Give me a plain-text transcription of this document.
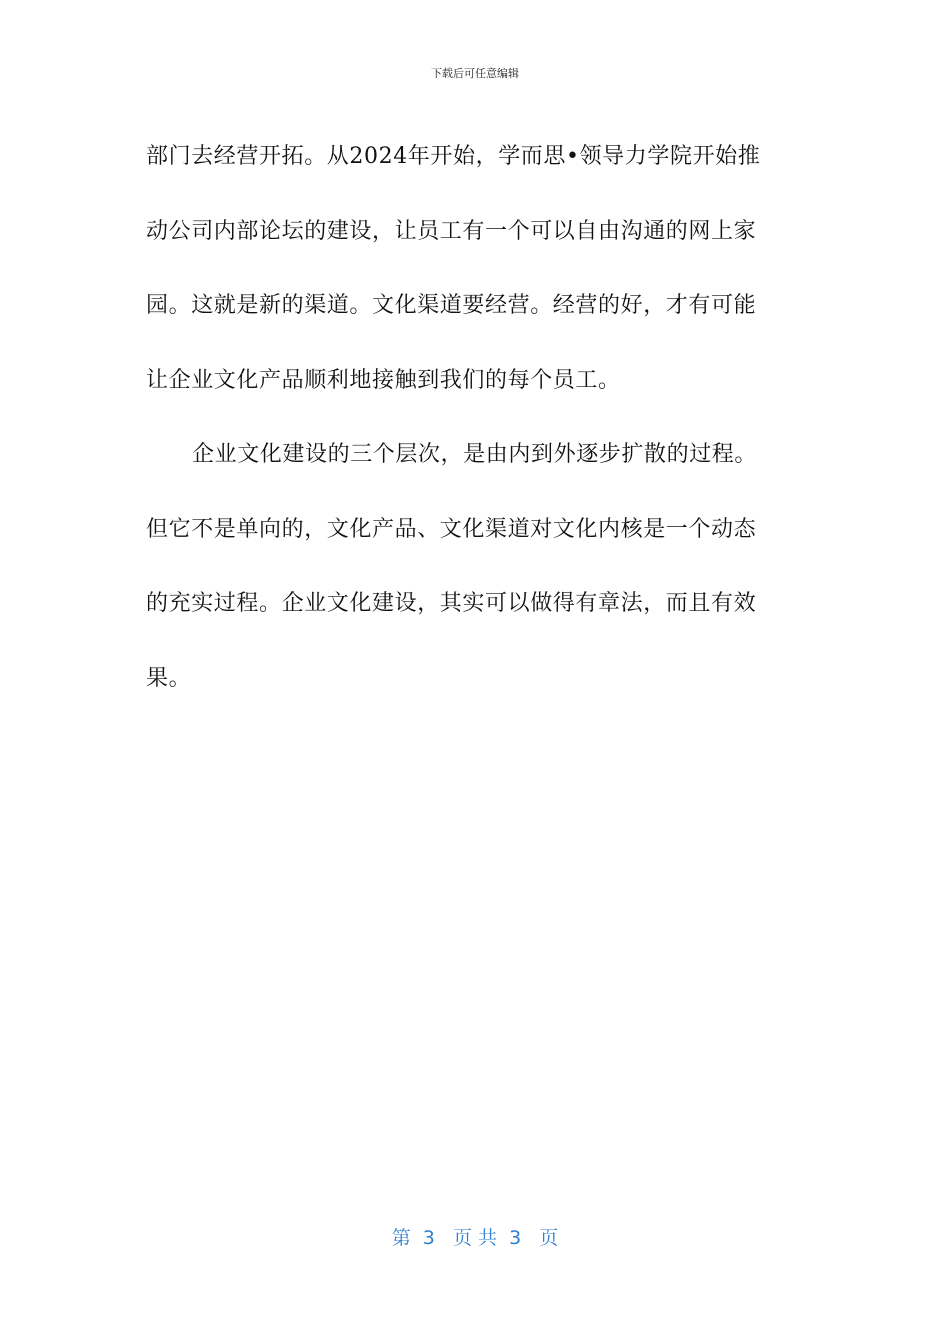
下载后可任意编辑

部门去经营开拓。从2024年开始，学而思•领导力学院开始推

动公司内部论坛的建设，让员工有一个可以自由沟通的网上家

园。这就是新的渠道。文化渠道要经营。经营的好，才有可能

让企业文化产品顺利地接触到我们的每个员工。

企业文化建设的三个层次，是由内到外逐步扩散的过程。

但它不是单向的，文化产品、文化渠道对文化内核是一个动态

的充实过程。企业文化建设，其实可以做得有章法，而且有效

果。

第  3   页 共  3   页
